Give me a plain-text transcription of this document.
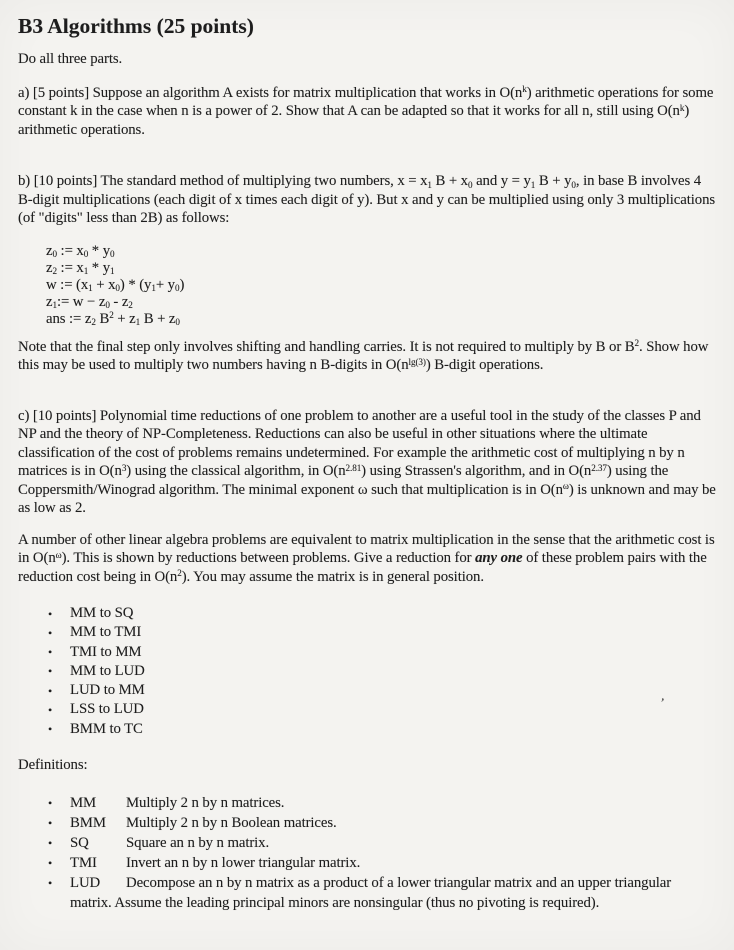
B3 Algorithms (25 points)

Do all three parts.

a) [5 points] Suppose an algorithm A exists for matrix multiplication that works in $O(n^k)$ arithmetic operations for some constant k in the case when n is a power of 2. Show that A can be adapted so that it works for all n, still using $O(n^k)$ arithmetic operations.

b) [10 points] The standard method of multiplying two numbers, $x = x_1$ $B + x_0$ and $y = y_1$ $B + y_0$, in base B involves 4 B-digit multiplications (each digit of x times each digit of y). But x and y can be multiplied using only 3 multiplications (of "digits" less than 2B) as follows:

$z_0$ := $x_0 * y_0$
$z_2$ := $x_1 * y_1$
w := $(x_1 + x_0) * (y_1+ y_0)$
$z_1:= w - z_0 - z_2$
ans := $z_2$ $B^2 + z_1$ $B + z_0$

Note that the final step only involves shifting and handling carries. It is not required to multiply by B or $B^2$. Show how this may be used to multiply two numbers having n B-digits in $O(n^{lg(3)})$ B-digit operations.

c) [10 points] Polynomial time reductions of one problem to another are a useful tool in the study of the classes P and NP and the theory of NP-Completeness. Reductions can also be useful in other situations where the ultimate classification of the cost of problems remains undetermined. For example the arithmetic cost of multiplying n by n matrices is in $O(n^3)$ using the classical algorithm, in $O(n^{2.81})$ using Strassen's algorithm, and in $O(n^{2.37})$ using the Coppersmith/Winograd algorithm. The minimal exponent ω such that multiplication is in $O(n^\omega)$ is unknown and may be as low as 2.

A number of other linear algebra problems are equivalent to matrix multiplication in the sense that the arithmetic cost is in $O(n^\omega)$. This is shown by reductions between problems. Give a reduction for any one of these problem pairs with the reduction cost being in $O(n^2)$. You may assume the matrix is in general position.

•	MM to SQ
•	MM to TMI
•	TMI to MM
•	MM to LUD
•	LUD to MM
•	LSS to LUD
•	BMM to TC

Definitions:

•	MM Multiply 2 n by n matrices.
•	BMM Multiply 2 n by n Boolean matrices.
•	SQ	Square an n by n matrix.
•	TMI Invert an n by n lower triangular matrix.
•	LUD Decompose an n by n matrix as a product of a lower triangular matrix and an upper triangular matrix. Assume the leading principal minors are nonsingular (thus no pivoting is required).
’
